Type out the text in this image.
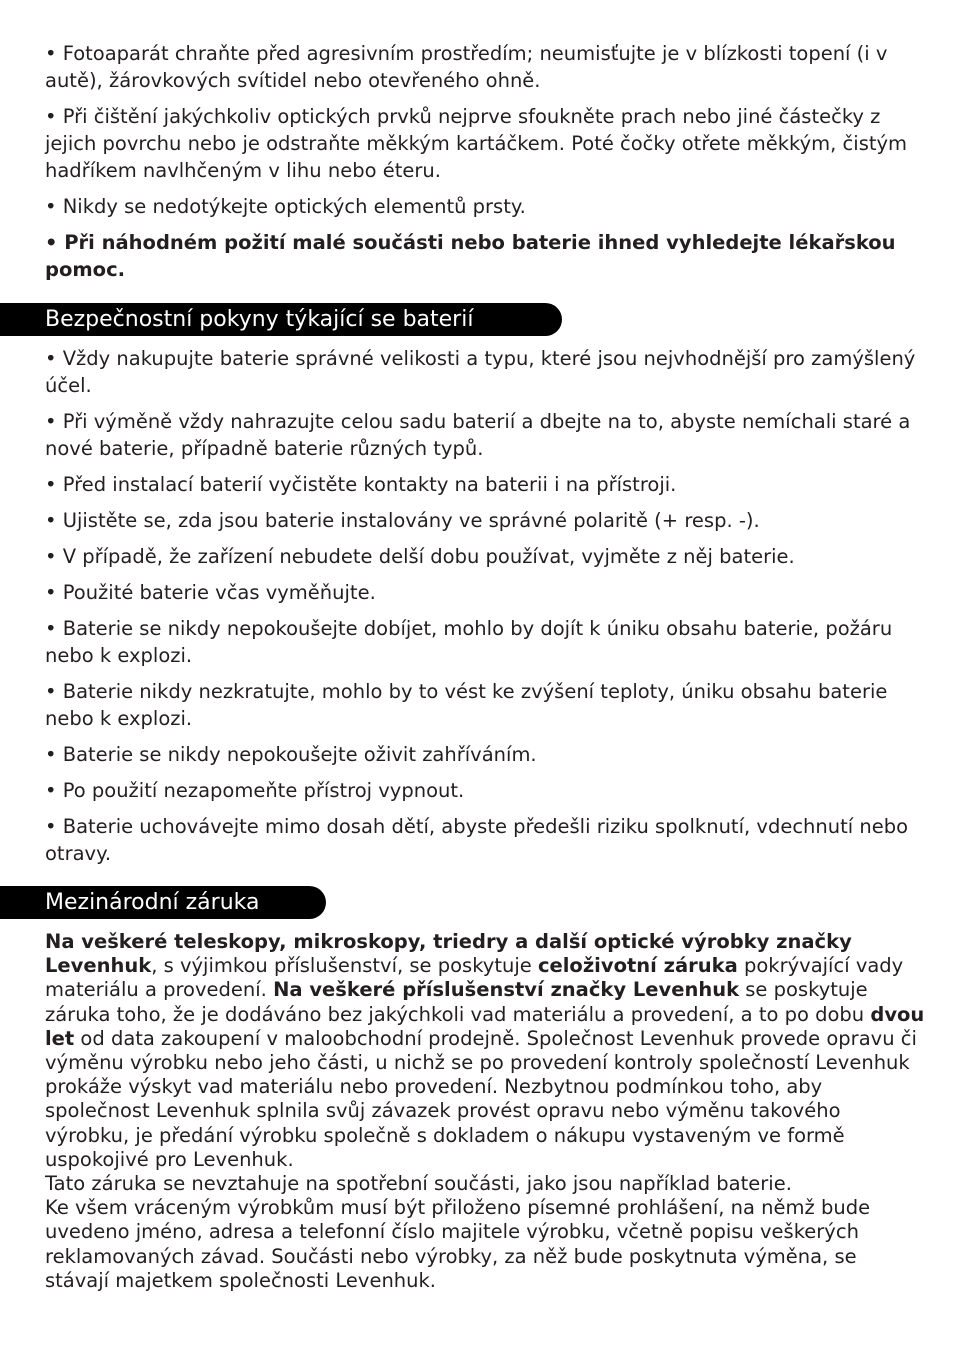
• Fotoaparát chraňte před agresivním prostředím; neumisťujte je v blízkosti topení (i v autě), žárovkových svítidel nebo otevřeného ohně.

• Při čištění jakýchkoliv optických prvků nejprve sfoukněte prach nebo jiné částečky z jejich povrchu nebo je odstraňte měkkým kartáčkem. Poté čočky otřete měkkým, čistým hadříkem navlhčeným v lihu nebo éteru.

• Nikdy se nedotýkejte optických elementů prsty.

• Při náhodném požití malé součásti nebo baterie ihned vyhledejte lékařskou pomoc.

Bezpečnostní pokyny týkající se baterií

• Vždy nakupujte baterie správné velikosti a typu, které jsou nejvhodnější pro zamýšlený účel.

• Při výměně vždy nahrazujte celou sadu baterií a dbejte na to, abyste nemíchali staré a nové baterie, případně baterie různých typů.

• Před instalací baterií vyčistěte kontakty na baterii i na přístroji.

• Ujistěte se, zda jsou baterie instalovány ve správné polaritě (+ resp. -).

• V případě, že zařízení nebudete delší dobu používat, vyjměte z něj baterie.

• Použité baterie včas vyměňujte.

• Baterie se nikdy nepokoušejte dobíjet, mohlo by dojít k úniku obsahu baterie, požáru nebo k explozi.

• Baterie nikdy nezkratujte, mohlo by to vést ke zvýšení teploty, úniku obsahu baterie nebo k explozi.

• Baterie se nikdy nepokoušejte oživit zahříváním.

• Po použití nezapomeňte přístroj vypnout.

• Baterie uchovávejte mimo dosah dětí, abyste předešli riziku spolknutí, vdechnutí nebo otravy.

Mezinárodní záruka
Na veškeré teleskopy, mikroskopy, triedry a další optické výrobky značky Levenhuk, s výjimkou příslušenství, se poskytuje celoživotní záruka pokrývající vady materiálu a provedení. Na veškeré příslušenství značky Levenhuk se poskytuje záruka toho, že je dodáváno bez jakýchkoli vad materiálu a provedení, a to po dobu dvou let od data zakoupení v maloobchodní prodejně. Společnost Levenhuk provede opravu či výměnu výrobku nebo jeho části, u nichž se po provedení kontroly společností Levenhuk prokáže výskyt vad materiálu nebo provedení. Nezbytnou podmínkou toho, aby společnost Levenhuk splnila svůj závazek provést opravu nebo výměnu takového výrobku, je předání výrobku společně s dokladem o nákupu vystaveným ve formě uspokojivé pro Levenhuk.
Tato záruka se nevztahuje na spotřební součásti, jako jsou například baterie.
Ke všem vráceným výrobkům musí být přiloženo písemné prohlášení, na němž bude uvedeno jméno, adresa a telefonní číslo majitele výrobku, včetně popisu veškerých reklamovaných závad. Součásti nebo výrobky, za něž bude poskytnuta výměna, se stávají majetkem společnosti Levenhuk.
